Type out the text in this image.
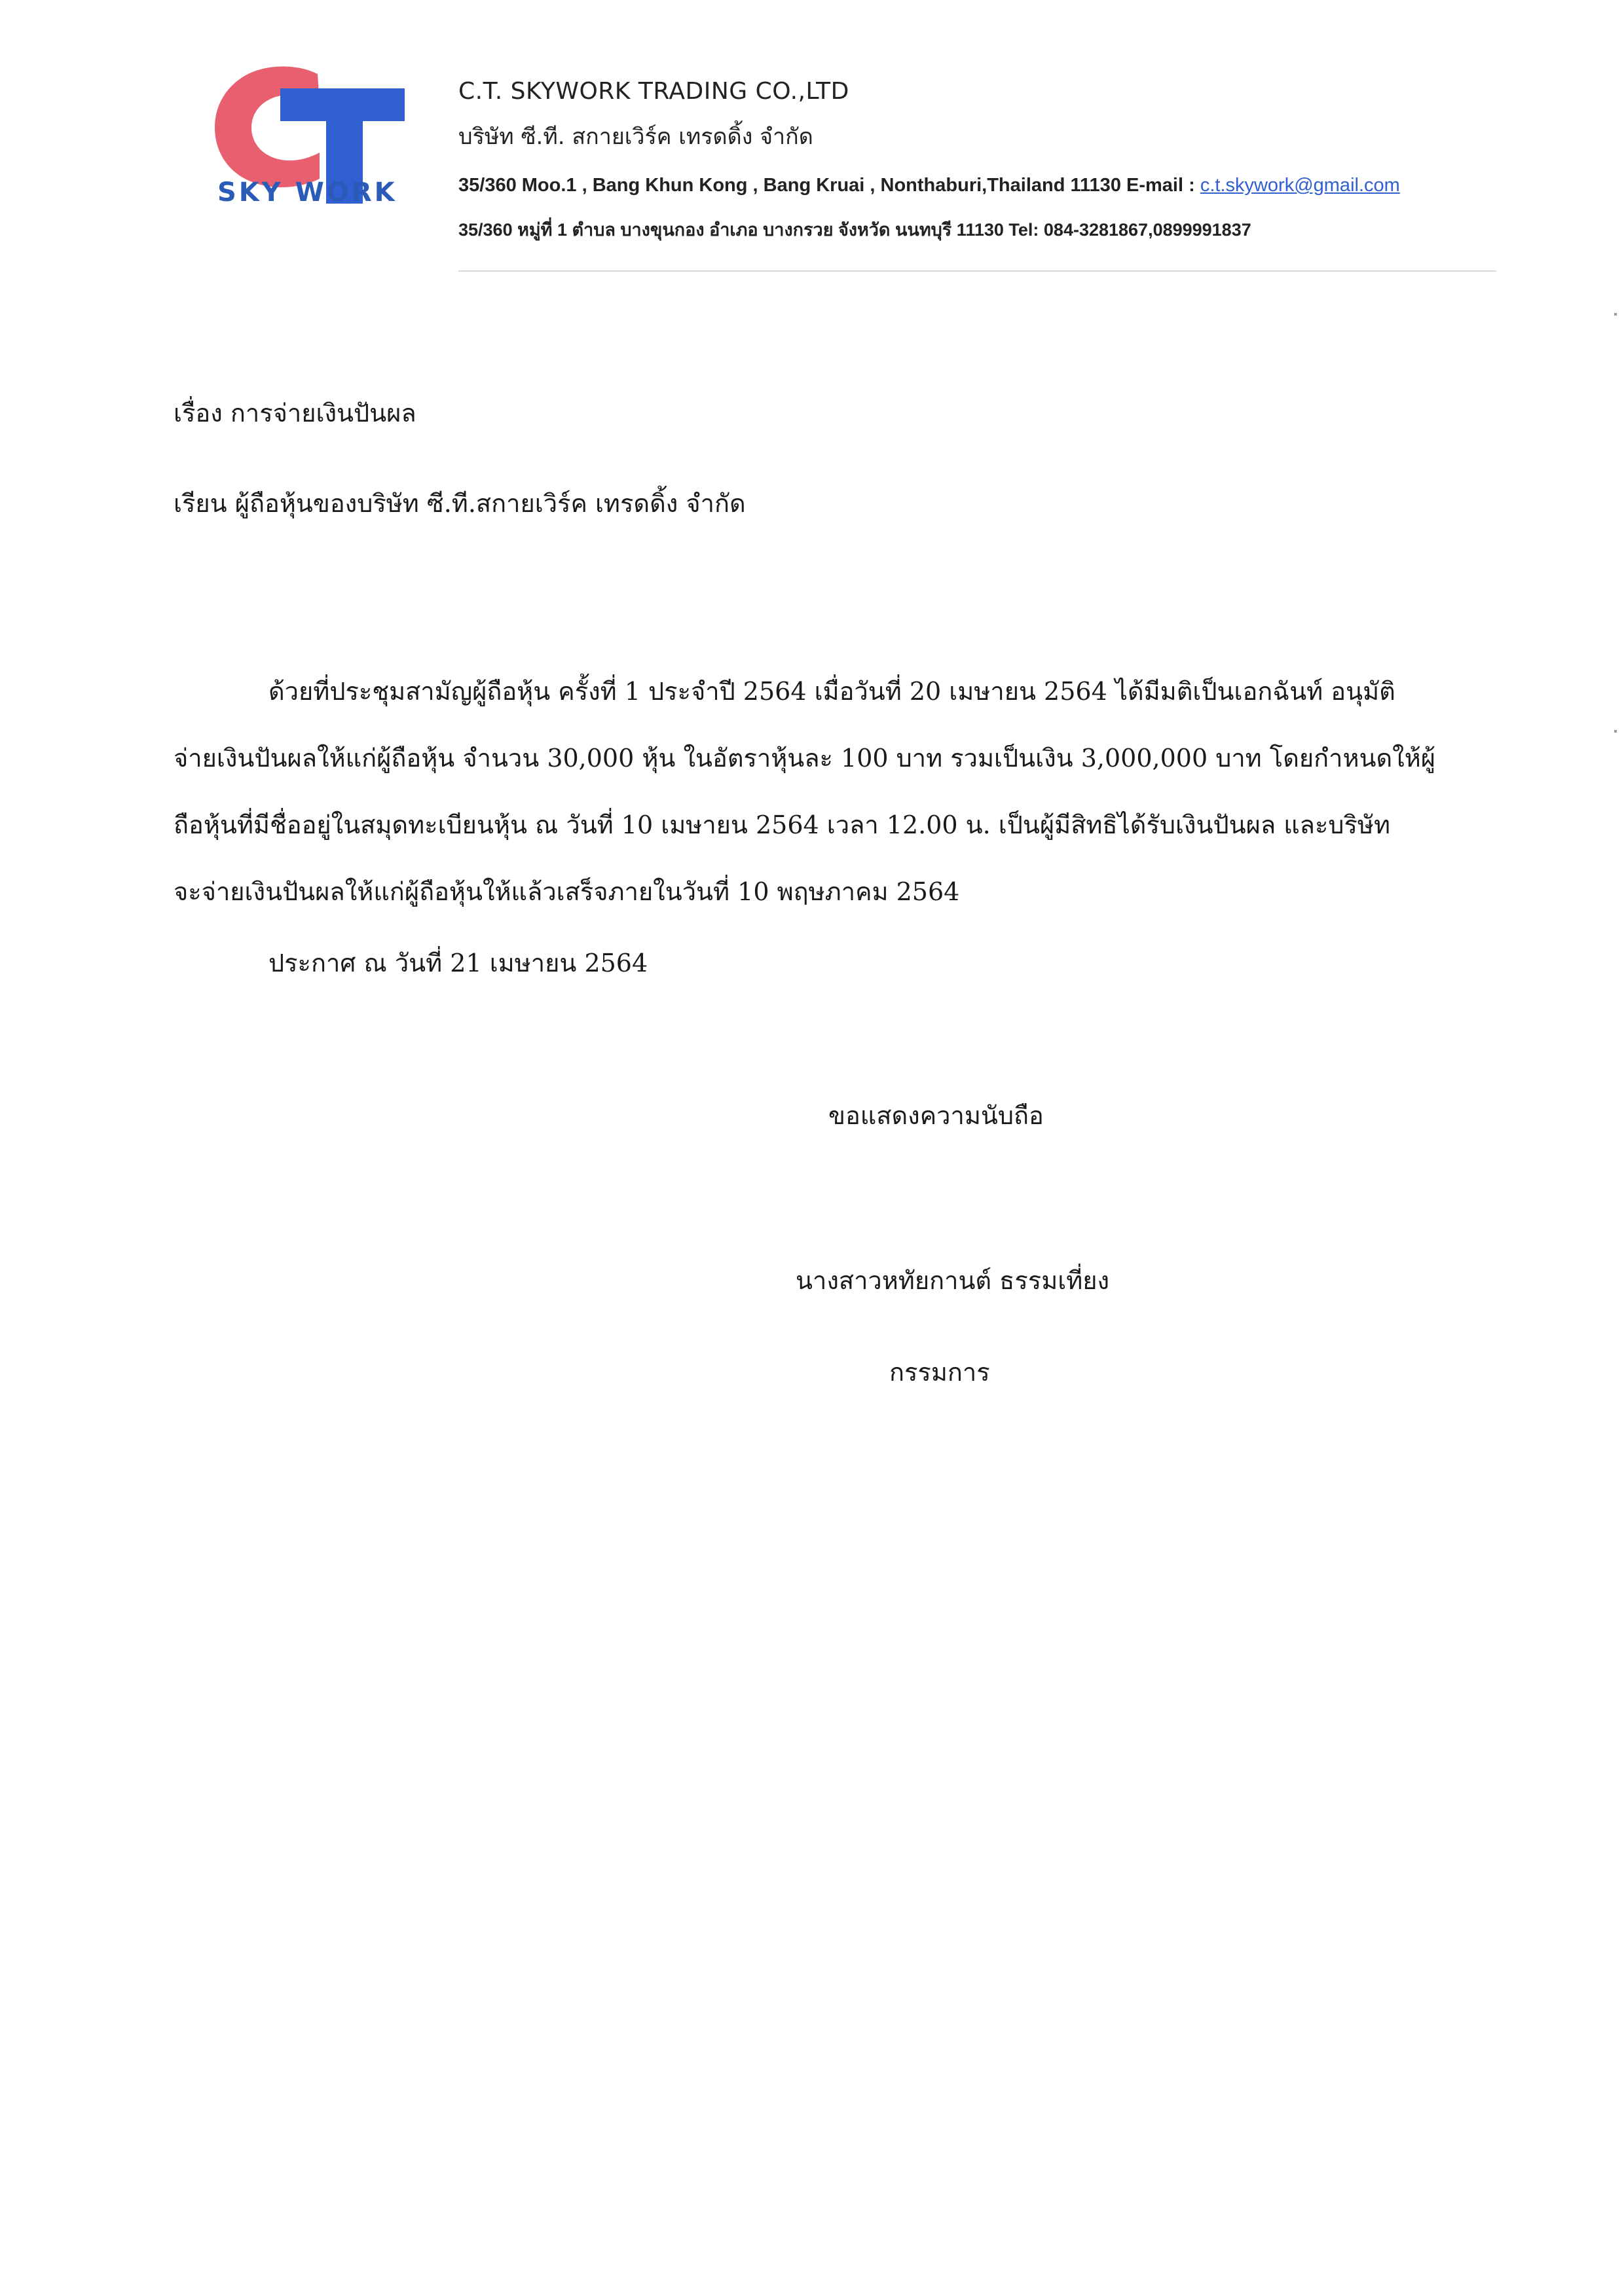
SKY WORK
C.T. SKYWORK TRADING CO.,LTD
บริษัท ซี.ที. สกายเวิร์ค เทรดดิ้ง จำกัด
35/360 Moo.1 , Bang Khun Kong , Bang Kruai , Nonthaburi,Thailand 11130 E-mail : c.t.skywork@gmail.com
35/360 หมู่ที่ 1 ตำบล บางขุนกอง อำเภอ บางกรวย จังหวัด นนทบุรี 11130 Tel: 084-3281867,0899991837
เรื่อง การจ่ายเงินปันผล
เรียน ผู้ถือหุ้นของบริษัท ซี.ที.สกายเวิร์ค เทรดดิ้ง จำกัด
ด้วยที่ประชุมสามัญผู้ถือหุ้น ครั้งที่ 1 ประจำปี 2564 เมื่อวันที่ 20 เมษายน 2564 ได้มีมติเป็นเอกฉันท์ อนุมัติ
จ่ายเงินปันผลให้แก่ผู้ถือหุ้น จำนวน 30,000 หุ้น ในอัตราหุ้นละ 100 บาท รวมเป็นเงิน 3,000,000 บาท โดยกำหนดให้ผู้
ถือหุ้นที่มีชื่ออยู่ในสมุดทะเบียนหุ้น ณ วันที่ 10 เมษายน 2564 เวลา 12.00 น. เป็นผู้มีสิทธิได้รับเงินปันผล และบริษัท
จะจ่ายเงินปันผลให้แก่ผู้ถือหุ้นให้แล้วเสร็จภายในวันที่ 10 พฤษภาคม 2564
ประกาศ ณ วันที่ 21 เมษายน 2564
ขอแสดงความนับถือ
นางสาวหทัยกานต์ ธรรมเที่ยง
กรรมการ
